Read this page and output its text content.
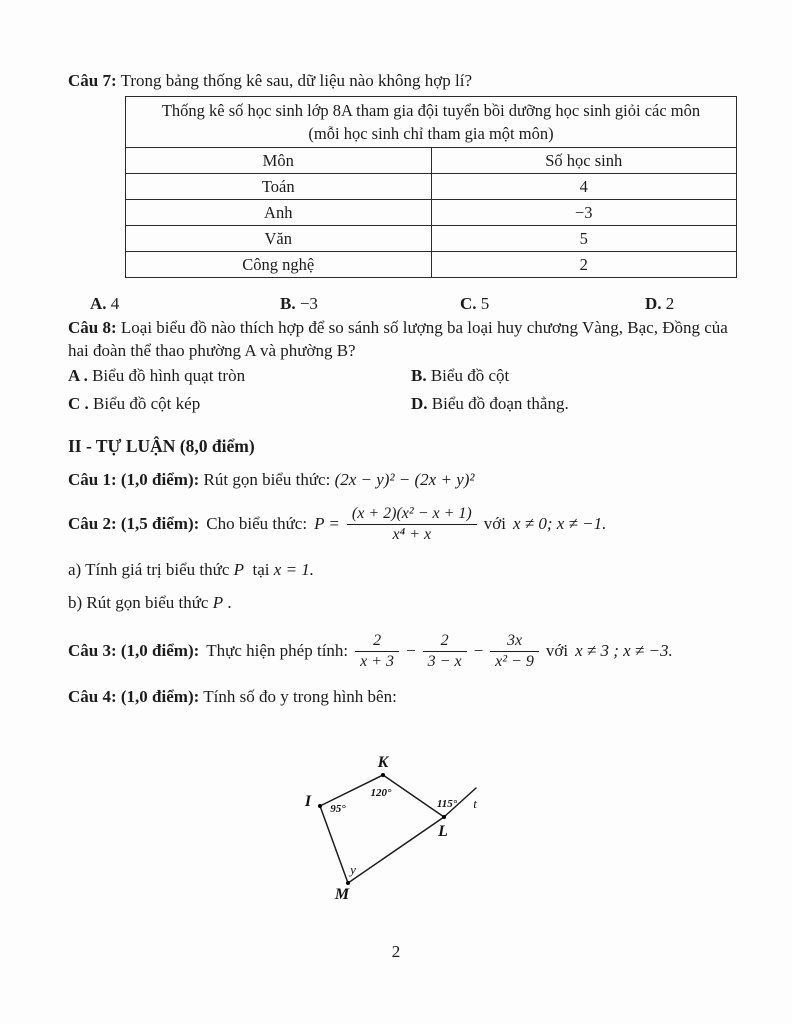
Câu 7: Trong bảng thống kê sau, dữ liệu nào không hợp lí?

Thống kê số học sinh lớp 8A tham gia đội tuyển bồi dưỡng học sinh giỏi các môn
(mỗi học sinh chỉ tham gia một môn)	

Môn	Số học sinh
Toán	4
Anh	−3
Văn	5
Công nghệ	2
A. 4	B. −3	C. 5	D. 2

Câu 8: Loại biểu đồ nào thích hợp để so sánh số lượng ba loại huy chương Vàng, Bạc, Đồng của hai đoàn thể thao phường A và phường B?

A . Biểu đồ hình quạt tròn	B. Biểu đồ cột
C . Biểu đồ cột kép	D. Biểu đồ đoạn thẳng.

II - TỰ LUẬN (8,0 điểm)

Câu 1: (1,0 điểm): Rút gọn biểu thức: (2x − y)² − (2x + y)²

Câu 2: (1,5 điểm): Cho biểu thức: $P = \frac{\text{(x + 2)(x² − x + 1)}}{\text{x⁴ + x}}$ với x ≠ 0; x ≠ −1.

a) Tính giá trị biểu thức P tại x = 1.

b) Rút gọn biểu thức P .

Câu 3: (1,0 điểm): Thực hiện phép tính: $\frac{2}{x + 3} - \frac{2}{3 - x} - \frac{3x}{\text{x² − 9}}$ với x ≠ 3 ; x ≠ −3.

Câu 4: (1,0 điểm): Tính số đo y trong hình bên:

K
I
L
M
t
120°
95°	115°
y
2
